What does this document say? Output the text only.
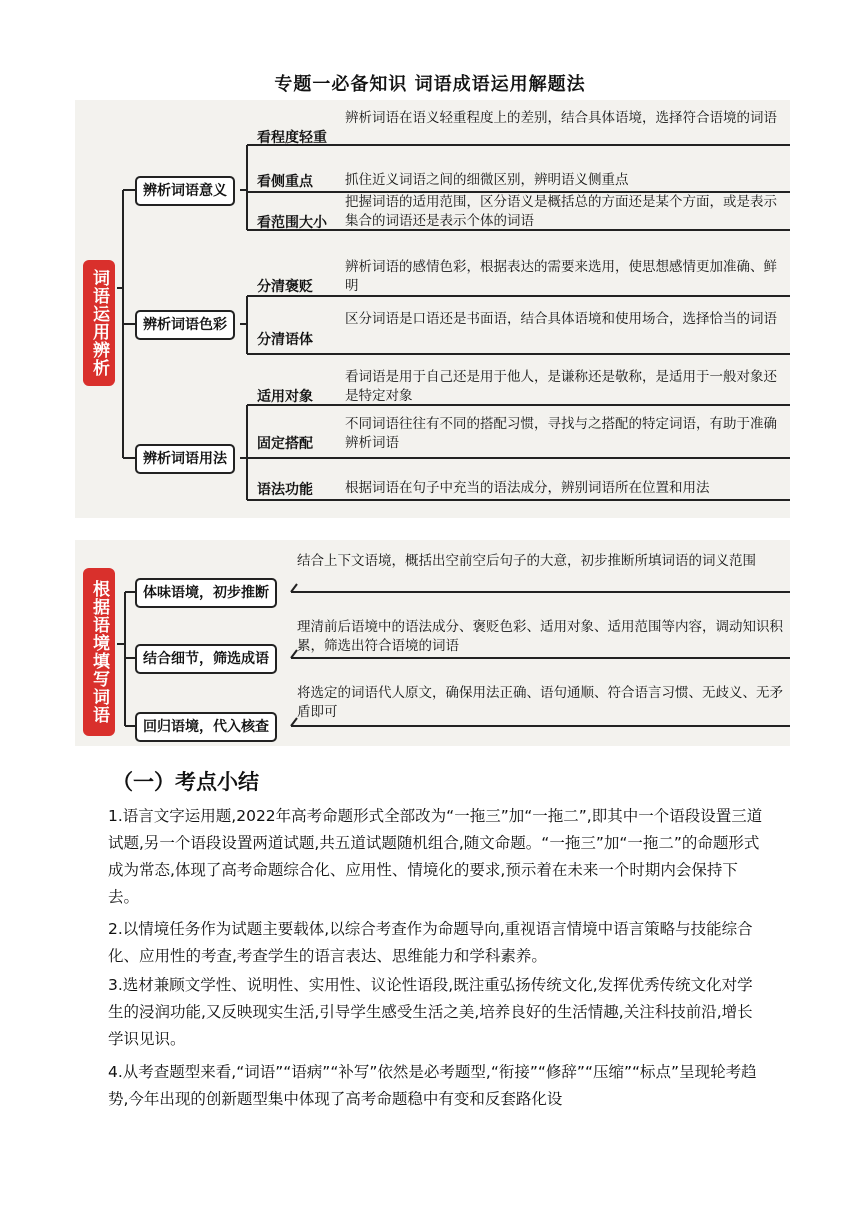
专题一必备知识 词语成语运用解题法
词语运用辨析
辨析词语意义
辨析词语色彩
辨析词语用法
看程度轻重
辨析词语在语义轻重程度上的差别，结合具体语境，选择符合语境的词语
看侧重点 抓住近义词语之间的细微区别，辨明语义侧重点
看范围大小
把握词语的适用范围，区分语义是概括总的方面还是某个方面，或是表示集合的词语还是表示个体的词语
分清褒贬
辨析词语的感情色彩，根据表达的需要来选用，使思想感情更加准确、鲜明
分清语体
区分词语是口语还是书面语，结合具体语境和使用场合，选择恰当的词语
适用对象
看词语是用于自己还是用于他人，是谦称还是敬称，是适用于一般对象还是特定对象
固定搭配
不同词语往往有不同的搭配习惯，寻找与之搭配的特定词语，有助于准确辨析词语
语法功能 根据词语在句子中充当的语法成分，辨别词语所在位置和用法
根据语境填写词语	体味语境，初步推断
结合上下文语境，概括出空前空后句子的大意，初步推断所填词语的词义范围
结合细节，筛选成语
理清前后语境中的语法成分、褒贬色彩、适用对象、适用范围等内容，调动知识积累，筛选出符合语境的词语
回归语境，代入核查
将选定的词语代人原文，确保用法正确、语句通顺、符合语言习惯、无歧义、无矛盾即可
（一）考点小结

1.语言文字运用题,2022年高考命题形式全部改为“一拖三”加“一拖二”,即其中一个语段设置三道试题,另一个语段设置两道试题,共五道试题随机组合,随文命题。“一拖三”加“一拖二”的命题形式成为常态,体现了高考命题综合化、应用性、情境化的要求,预示着在未来一个时期内会保持下去。

2.以情境任务作为试题主要载体,以综合考查作为命题导向,重视语言情境中语言策略与技能综合化、应用性的考查,考查学生的语言表达、思维能力和学科素养。

3.选材兼顾文学性、说明性、实用性、议论性语段,既注重弘扬传统文化,发挥优秀传统文化对学生的浸润功能,又反映现实生活,引导学生感受生活之美,培养良好的生活情趣,关注科技前沿,增长学识见识。

4.从考查题型来看,“词语”“语病”“补写”依然是必考题型,“衔接”“修辞”“压缩”“标点”呈现轮考趋势,今年出现的创新题型集中体现了高考命题稳中有变和反套路化设
